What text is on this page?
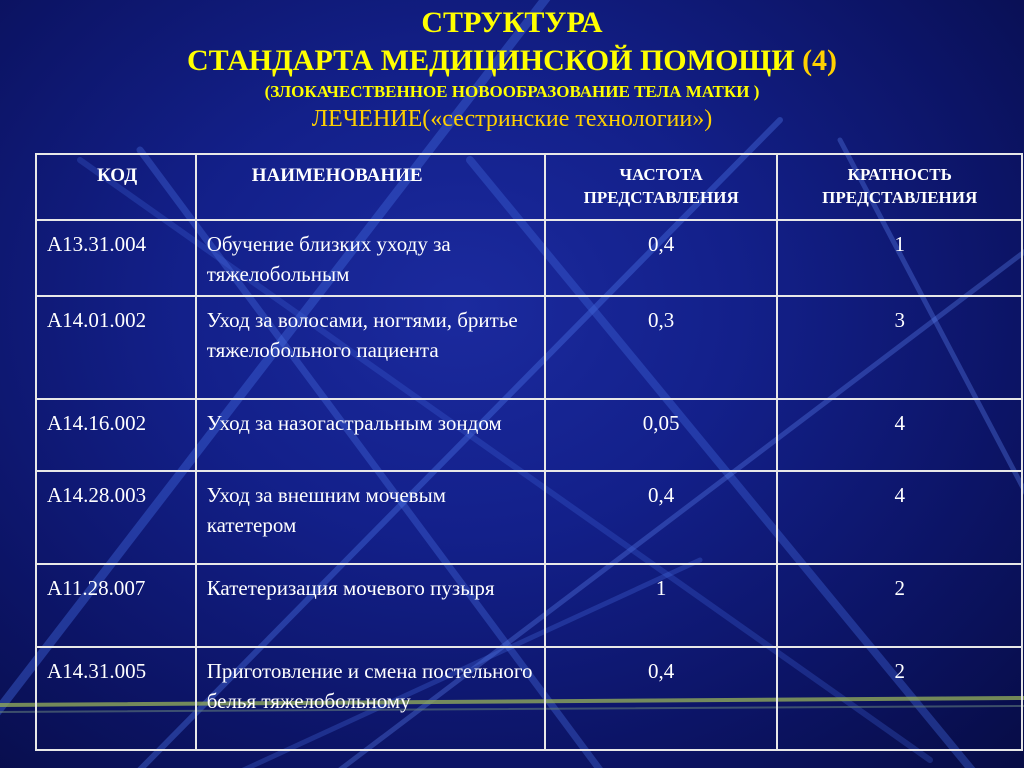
СТРУКТУРА
СТАНДАРТА МЕДИЦИНСКОЙ ПОМОЩИ (4)
(ЗЛОКАЧЕСТВЕННОЕ НОВООБРАЗОВАНИЕ ТЕЛА МАТКИ )
ЛЕЧЕНИЕ(«сестринские технологии»)
КОД	НАИМЕНОВАНИЕ	ЧАСТОТА ПРЕДСТАВЛЕНИЯ	КРАТНОСТЬ ПРЕДСТАВЛЕНИЯ
А13.31.004	Обучение близких уходу за тяжелобольным	0,4	1
А14.01.002	Уход за волосами, ногтями, бритье тяжелобольного пациента	0,3	3
А14.16.002	Уход за назогастральным зондом	0,05	4
А14.28.003	Уход за внешним мочевым катетером	0,4	4
А11.28.007	Катетеризация мочевого пузыря	1	2
А14.31.005	Приготовление и смена постельного белья тяжелобольному	0,4	2
